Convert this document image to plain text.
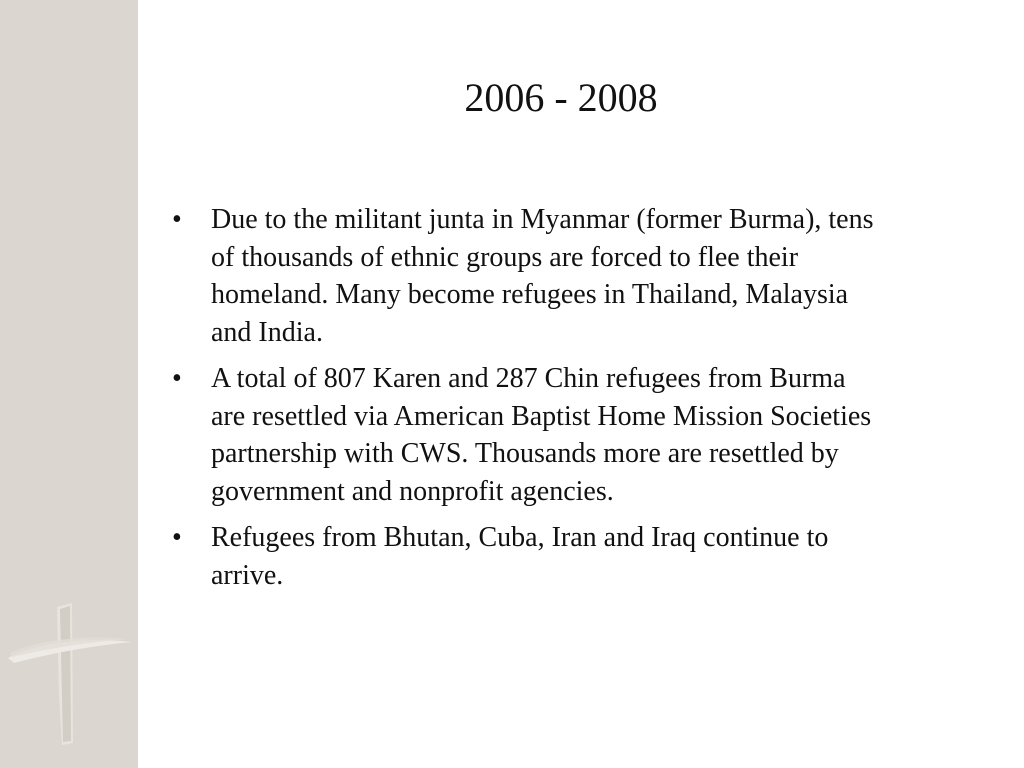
2006 - 2008
• Due to the militant junta in Myanmar (former Burma), tens of thousands of ethnic groups are forced to flee their homeland. Many become refugees in Thailand, Malaysia and India.
• A total of 807 Karen and 287 Chin refugees from Burma are resettled via American Baptist Home Mission Societies partnership with CWS. Thousands more are resettled by government and nonprofit agencies.
• Refugees from Bhutan, Cuba, Iran and Iraq continue to arrive.
